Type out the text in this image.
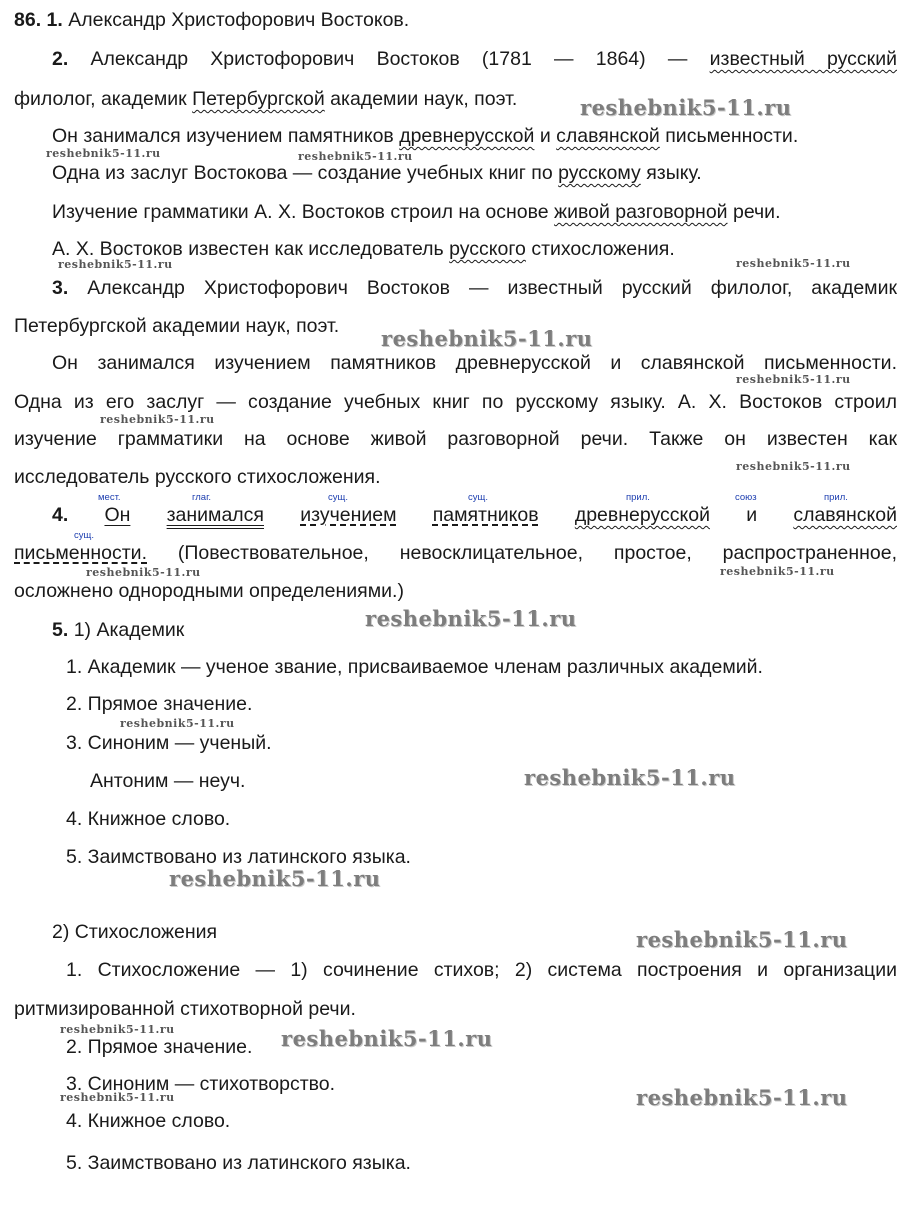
86. 1. Александр Христофорович Востоков.
2. Александр Христофорович Востоков (1781 — 1864) — известный русский
филолог, академик Петербургской академии наук, поэт.
Он занимался изучением памятников древнерусской и славянской письменности.
Одна из заслуг Востокова — создание учебных книг по русскому языку.
Изучение грамматики А. Х. Востоков строил на основе живой разговорной речи.
А. Х. Востоков известен как исследователь русского стихосложения.
3. Александр Христофорович Востоков — известный русский филолог, академик
Петербургской академии наук, поэт.
Он занимался изучением памятников древнерусской и славянской письменности.
Одна из его заслуг — создание учебных книг по русскому языку. А. Х. Востоков строил
изучение грамматики на основе живой разговорной речи. Также он известен как
исследователь русского стихосложения.
мест.	глаг.	сущ.	сущ.	прил.	союз	прил.
сущ.
4. Он занимался изучением памятников древнерусской и славянской
письменности. (Повествовательное, невосклицательное, простое, распространенное,
осложнено однородными определениями.)
5. 1) Академик
1. Академик — ученое звание, присваиваемое членам различных академий.
2. Прямое значение.
3. Синоним — ученый.
Антоним — неуч.
4. Книжное слово.
5. Заимствовано из латинского языка.
2) Стихосложения
1. Стихосложение — 1) сочинение стихов; 2) система построения и организации
ритмизированной стихотворной речи.
2. Прямое значение.
3. Синоним — стихотворство.
4. Книжное слово.
5. Заимствовано из латинского языка.
reshebnik5-11.ru
reshebnik5-11.ru	reshebnik5-11.ru
reshebnik5-11.ru	reshebnik5-11.ru
reshebnik5-11.ru
reshebnik5-11.ru
reshebnik5-11.ru
reshebnik5-11.ru
reshebnik5-11.ru	reshebnik5-11.ru
reshebnik5-11.ru
reshebnik5-11.ru
reshebnik5-11.ru
reshebnik5-11.ru
reshebnik5-11.ru
reshebnik5-11.ru	reshebnik5-11.ru
reshebnik5-11.ru	reshebnik5-11.ru
